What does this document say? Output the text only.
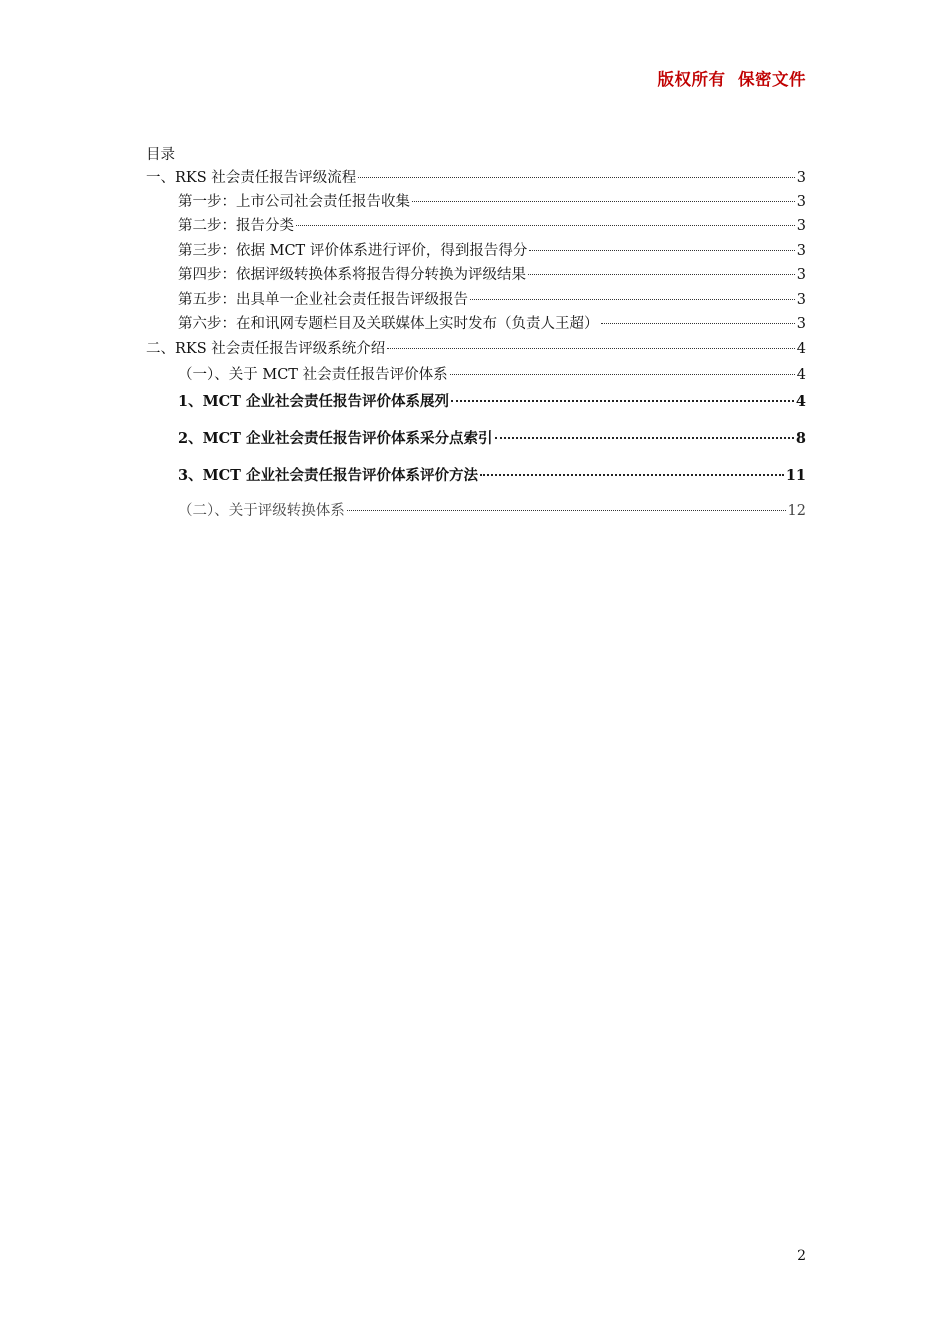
版权所有  保密文件
目录
一、RKS 社会责任报告评级流程	3
第一步：上市公司社会责任报告收集	3
第二步：报告分类	3
第三步：依据 MCT 评价体系进行评价，得到报告得分	3
第四步：依据评级转换体系将报告得分转换为评级结果	3
第五步：出具单一企业社会责任报告评级报告	3
第六步：在和讯网专题栏目及关联媒体上实时发布（负责人王超）	3
二、RKS 社会责任报告评级系统介绍	4
（一）、关于 MCT 社会责任报告评价体系	4
1、MCT 企业社会责任报告评价体系展列	4
2、MCT 企业社会责任报告评价体系采分点索引	8
3、MCT 企业社会责任报告评价体系评价方法	11
（二）、关于评级转换体系	12
2
